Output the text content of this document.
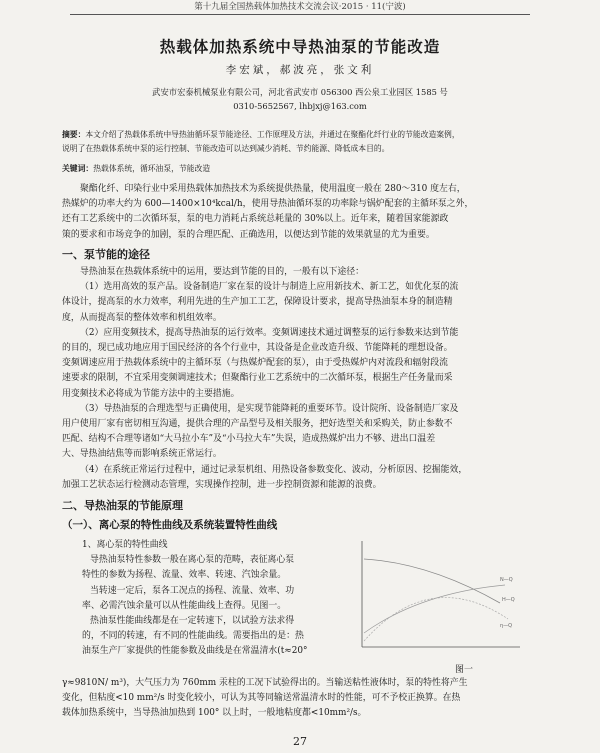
第十九届全国热载体加热技术交流会议·2015 · 11(宁波)
热载体加热系统中导热油泵的节能改造
李宏斌，郝波亮，张文利
武安市宏泰机械泵业有限公司，河北省武安市 056300 西公泉工业园区 1585 号
0310-5652567, lhbjxj@163.com
摘要：本文介绍了热载体系统中导热油循环泵节能途径、工作原理及方法，并通过在聚酯化纤行业的节能改造案例，
说明了在热载体系统中泵的运行控制、节能改造可以达到减少消耗、节约能源、降低成本目的。
关键词：热载体系统，循环油泵，节能改造
聚酯化纤、印染行业中采用热载体加热技术为系统提供热量，使用温度一般在 280～310 度左右，
热媒炉的功率大约为 600—1400×10⁴kcal/h，使用导热油循环泵的功率除与锅炉配套的主循环泵之外，
还有工艺系统中的二次循环泵，泵的电力消耗占系统总耗量的 30%以上。近年来，随着国家能源政
策的要求和市场竞争的加剧，泵的合理匹配、正确选用，以便达到节能的效果就显的尤为重要。
一、泵节能的途径
导热油泵在热载体系统中的运用，要达到节能的目的，一般有以下途径：
（1）选用高效的泵产品。设备制造厂家在泵的设计与制造上应用新技术、新工艺，如优化泵的流
体设计，提高泵的水力效率，利用先进的生产加工工艺，保障设计要求，提高导热油泵本身的制造精
度，从而提高泵的整体效率和机组效率。
（2）应用变频技术，提高导热油泵的运行效率。变频调速技术通过调整泵的运行参数来达到节能
的目的，现已成功地应用于国民经济的各个行业中，其设备是企业改造升级、节能降耗的理想设备。
变频调速应用于热载体系统中的主循环泵（与热媒炉配套的泵），由于受热媒炉内对流段和辐射段流
速要求的限制，不宜采用变频调速技术；但聚酯行业工艺系统中的二次循环泵，根据生产任务量而采
用变频技术必将成为节能方法中的主要措施。
（3）导热油泵的合理选型与正确使用，是实现节能降耗的重要环节。设计院所、设备制造厂家及
用户使用厂家有密切相互沟通，提供合理的产品型号及相关服务，把好选型关和采购关，防止参数不
匹配、结构不合理等诸如“大马拉小车”及“小马拉大车”失误，造成热媒炉出力不够、进出口温差
大、导热油结焦等而影响系统正常运行。
（4）在系统正常运行过程中，通过记录泵机组、用热设备参数变化、波动，分析原因、挖掘能效，
加强工艺状态运行检测动态管理，实现操作控制，进一步控制资源和能源的浪费。
二、导热油泵的节能原理
（一）、离心泵的特性曲线及系统装置特性曲线
1、离心泵的特性曲线
导热油泵特性参数一般在离心泵的范畴，表征离心泵
特性的参数为扬程、流量、效率、转速、汽蚀余量。
当转速一定后，泵各工况点的扬程、流量、效率、功
率、必需汽蚀余量可以从性能曲线上查得。见图一。
热油泵性能曲线都是在一定转速下，以试验方法求得
的，不同的转速，有不同的性能曲线。需要指出的是：热
油泵生产厂家提供的性能参数及曲线是在常温清水(t≈20°
γ≈9810N/ m³)，大气压力为 760mm 汞柱的工况下试验得出的。当输送粘性液体时，泵的特性将产生
变化，但粘度<10 mm²/s 时变化较小，可认为其等同输送常温清水时的性能，可不予校正换算。在热
载体加热系统中，当导热油加热到 100° 以上时，一般地粘度都<10mm²/s。
H—Q
N—Q
η—Q
图一
27
